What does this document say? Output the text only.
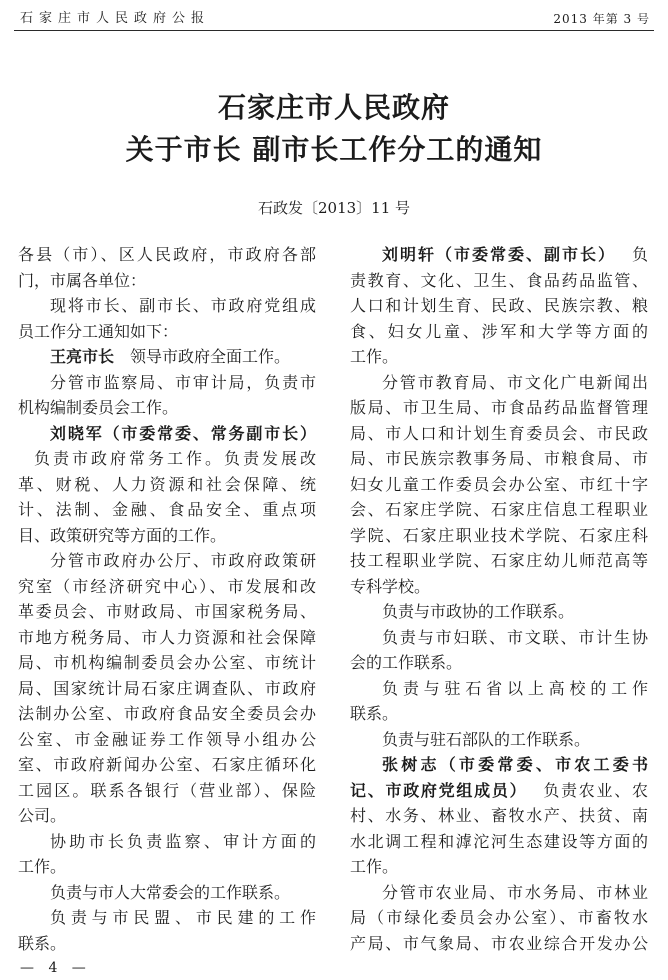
石家庄市人民政府公报	2013 年第 3 号
石家庄市人民政府
关于市长 副市长工作分工的通知
石政发〔2013〕11 号
各县（市）、区人民政府，市政府各部
门，市属各单位：
现将市长、副市长、市政府党组成
员工作分工通知如下：
王亮市长 领导市政府全面工作。
分管市监察局、市审计局，负责市
机构编制委员会工作。
刘晓军（市委常委、常务副市长）
负责市政府常务工作。负责发展改
革、财税、人力资源和社会保障、统
计、法制、金融、食品安全、重点项
目、政策研究等方面的工作。
分管市政府办公厅、市政府政策研
究室（市经济研究中心）、市发展和改
革委员会、市财政局、市国家税务局、
市地方税务局、市人力资源和社会保障
局、市机构编制委员会办公室、市统计
局、国家统计局石家庄调查队、市政府
法制办公室、市政府食品安全委员会办
公室、市金融证券工作领导小组办公
室、市政府新闻办公室、石家庄循环化
工园区。联系各银行（营业部）、保险
公司。
协助市长负责监察、审计方面的
工作。
负责与市人大常委会的工作联系。
负责与市民盟、市民建的工作
联系。
刘明轩（市委常委、副市长） 负
责教育、文化、卫生、食品药品监管、
人口和计划生育、民政、民族宗教、粮
食、妇女儿童、涉军和大学等方面的
工作。
分管市教育局、市文化广电新闻出
版局、市卫生局、市食品药品监督管理
局、市人口和计划生育委员会、市民政
局、市民族宗教事务局、市粮食局、市
妇女儿童工作委员会办公室、市红十字
会、石家庄学院、石家庄信息工程职业
学院、石家庄职业技术学院、石家庄科
技工程职业学院、石家庄幼儿师范高等
专科学校。
负责与市政协的工作联系。
负责与市妇联、市文联、市计生协
会的工作联系。
负责与驻石省以上高校的工作
联系。
负责与驻石部队的工作联系。
张树志（市委常委、市农工委书
记、市政府党组成员） 负责农业、农
村、水务、林业、畜牧水产、扶贫、南
水北调工程和滹沱河生态建设等方面的
工作。
分管市农业局、市水务局、市林业
局（市绿化委员会办公室）、市畜牧水
产局、市气象局、市农业综合开发办公
— 4 —
